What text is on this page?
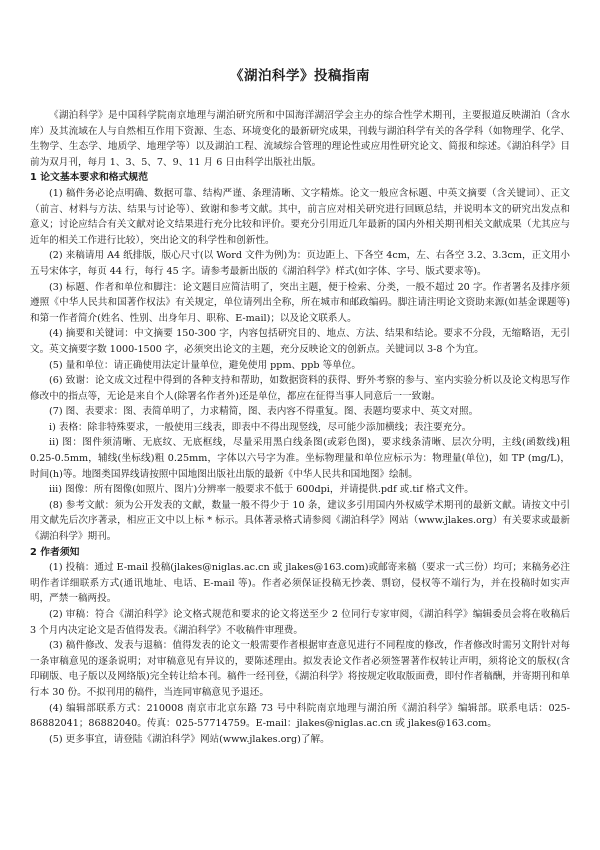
《湖泊科学》投稿指南

《湖泊科学》是中国科学院南京地理与湖泊研究所和中国海洋湖沼学会主办的综合性学术期刊，主要报道反映湖泊（含水库）及其流域在人与自然相互作用下资源、生态、环境变化的最新研究成果，刊载与湖泊科学有关的各学科（如物理学、化学、生物学、生态学、地质学、地理学等）以及湖泊工程、流域综合管理的理论性或应用性研究论文、简报和综述。《湖泊科学》目前为双月刊，每月 1、3、5、7、9、11 月 6 日由科学出版社出版。

1 论文基本要求和格式规范

(1) 稿件务必论点明确、数据可靠、结构严谨、条理清晰、文字精炼。论文一般应含标题、中英文摘要（含关键词）、正文（前言、材料与方法、结果与讨论等）、致谢和参考文献。其中，前言应对相关研究进行回顾总结，并说明本文的研究出发点和意义；讨论应结合有关文献对论文结果进行充分比较和评价。要充分引用近几年最新的国内外相关期刊相关文献成果（尤其应与近年的相关工作进行比较），突出论文的科学性和创新性。

(2) 来稿请用 A4 纸排版，版心尺寸(以 Word 文件为例)为：页边距上、下各空 4cm，左、右各空 3.2、3.3cm，正文用小五号宋体字，每页 44 行，每行 45 字。请参考最新出版的《湖泊科学》样式(如字体、字号、版式要求等)。

(3) 标题、作者和单位和脚注：论文题目应简洁明了，突出主题，便于检索、分类，一般不超过 20 字。作者署名及排序须遵照《中华人民共和国著作权法》有关规定，单位请列出全称，所在城市和邮政编码。脚注请注明论文资助来源(如基金课题等)和第一作者简介(姓名、性别、出身年月、职称、E-mail)；以及论文联系人。

(4) 摘要和关键词：中文摘要 150-300 字，内容包括研究目的、地点、方法、结果和结论。要求不分段，无缩略语，无引文。英文摘要字数 1000-1500 字，必须突出论文的主题，充分反映论文的创新点。关键词以 3-8 个为宜。

(5) 量和单位：请正确使用法定计量单位，避免使用 ppm、ppb 等单位。

(6) 致谢：论文成文过程中得到的各种支持和帮助，如数据资料的获得、野外考察的参与、室内实验分析以及论文构思写作修改中的指点等，无论是来自个人(除署名作者外)还是单位，都应在征得当事人同意后一一致谢。

(7) 图、表要求：图、表简单明了，力求精简，图、表内容不得重复。图、表题均要求中、英文对照。

i) 表格：除非特殊要求，一般使用三线表，即表中不得出现竖线，尽可能少添加横线；表注要充分。

ii) 图：图件须清晰、无底纹、无底框线，尽量采用黑白线条图(或彩色图)，要求线条清晰、层次分明，主线(函数线)粗 0.25-0.5mm，辅线(坐标线)粗 0.25mm，字体以六号字为准。坐标物理量和单位应标示为：物理量(单位)，如 TP (mg/L)，时间(h)等。地图类国界线请按照中国地图出版社出版的最新《中华人民共和国地图》绘制。

iii) 图像：所有图像(如照片、图片)分辨率一般要求不低于 600dpi，并请提供.pdf 或.tif 格式文件。

(8) 参考文献：须为公开发表的文献，数量一般不得少于 10 条，建议多引用国内外权威学术期刊的最新文献。请按文中引用文献先后次序著录，相应正文中以上标 * 标示。具体著录格式请参阅《湖泊科学》网站（www.jlakes.org）有关要求或最新《湖泊科学》期刊。

2 作者须知

(1) 投稿：通过 E-mail 投稿(jlakes@niglas.ac.cn 或 jlakes@163.com)或邮寄来稿（要求一式三份）均可；来稿务必注明作者详细联系方式(通讯地址、电话、E-mail 等)。作者必须保证投稿无抄袭、剽窃，侵权等不端行为，并在投稿时如实声明，严禁一稿两投。

(2) 审稿：符合《湖泊科学》论文格式规范和要求的论文将送至少 2 位同行专家审阅，《湖泊科学》编辑委员会将在收稿后 3 个月内决定论文是否值得发表。《湖泊科学》不收稿件审理费。

(3) 稿件修改、发表与退稿：值得发表的论文一般需要作者根据审查意见进行不同程度的修改，作者修改时需另文附针对每一条审稿意见的逐条说明；对审稿意见有异议的，要陈述理由。拟发表论文作者必须签署著作权转让声明，须将论文的版权(含印刷版、电子版以及网络版)完全转让给本刊。稿件一经刊登，《湖泊科学》将按规定收取版面费，即付作者稿酬，并寄期刊和单行本 30 份。不拟刊用的稿件，当连同审稿意见予退还。

(4) 编辑部联系方式：210008 南京市北京东路 73 号中科院南京地理与湖泊所《湖泊科学》编辑部。联系电话：025-86882041；86882040。传真：025-57714759。E-mail：jlakes@niglas.ac.cn 或 jlakes@163.com。

(5) 更多事宜，请登陆《湖泊科学》网站(www.jlakes.org)了解。
